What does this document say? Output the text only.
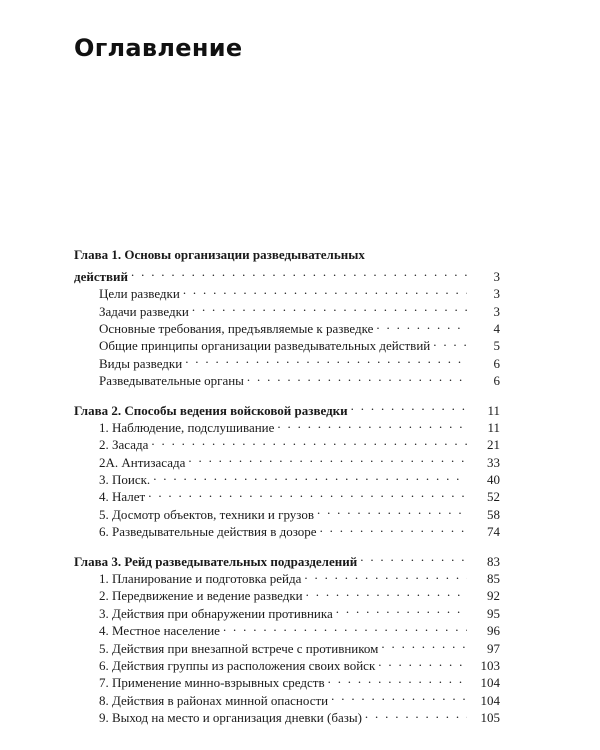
Оглавление
Глава 1. Основы организации разведывательных
действий . . .	3
Цели разведки . . .	3
Задачи разведки . . .	3
Основные требования, предъявляемые к разведке . . .	4
Общие принципы организации разведывательных действий . . .	5
Виды разведки . . .	6
Разведывательные органы . . .	6
Глава 2. Способы ведения войсковой разведки . . .	11
1. Наблюдение, подслушивание . . .	11
2. Засада . . .	21
2А. Антизасада . . .	33
3. Поиск. . . .	40
4. Налет . . .	52
5. Досмотр объектов, техники и грузов . . .	58
6. Разведывательные действия в дозоре . . .	74
Глава 3. Рейд разведывательных подразделений . . .	83
1. Планирование и подготовка рейда . . .	85
2. Передвижение и ведение разведки . . .	92
3. Действия при обнаружении противника . . .	95
4. Местное население . . .	96
5. Действия при внезапной встрече с противником . . .	97
6. Действия группы из расположения своих войск . . .	103
7. Применение минно-взрывных средств . . .	104
8. Действия в районах минной опасности . . .	104
9. Выход на место и организация дневки (базы) . . .	105
